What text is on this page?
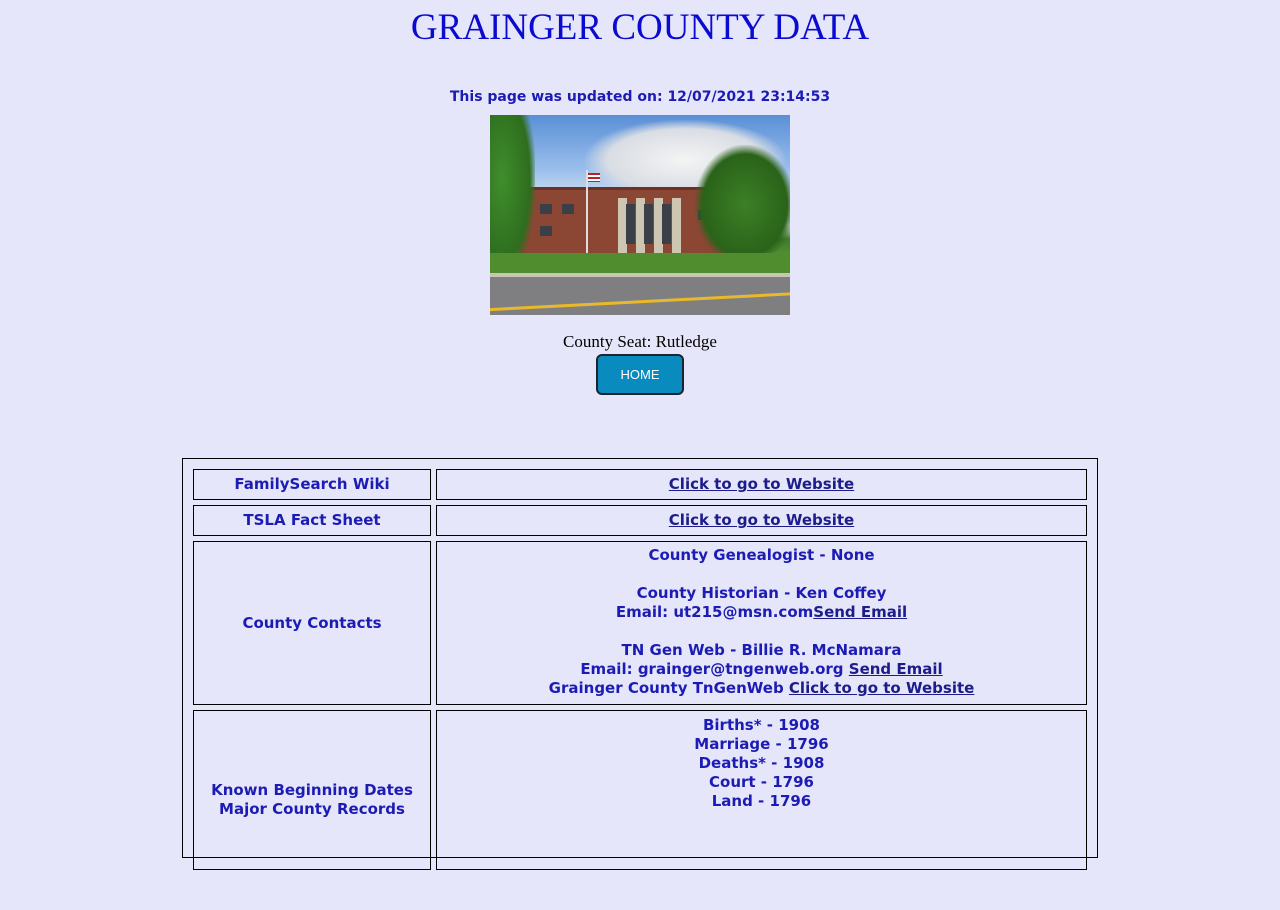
GRAINGER COUNTY DATA
This page was updated on: 12/07/2021 23:14:53
County Seat: Rutledge
HOME
FamilySearch Wiki	Click to go to Website
TSLA Fact Sheet	Click to go to Website
County Contacts
County Genealogist - None
County Historian - Ken Coffey
Email: ut215@msn.comSend Email
TN Gen Web - Billie R. McNamara
Email: grainger@tngenweb.org Send Email
Grainger County TnGenWeb Click to go to Website
Known Beginning Dates
Major County Records
Births* - 1908
Marriage - 1796
Deaths* - 1908
Court - 1796
Land - 1796
